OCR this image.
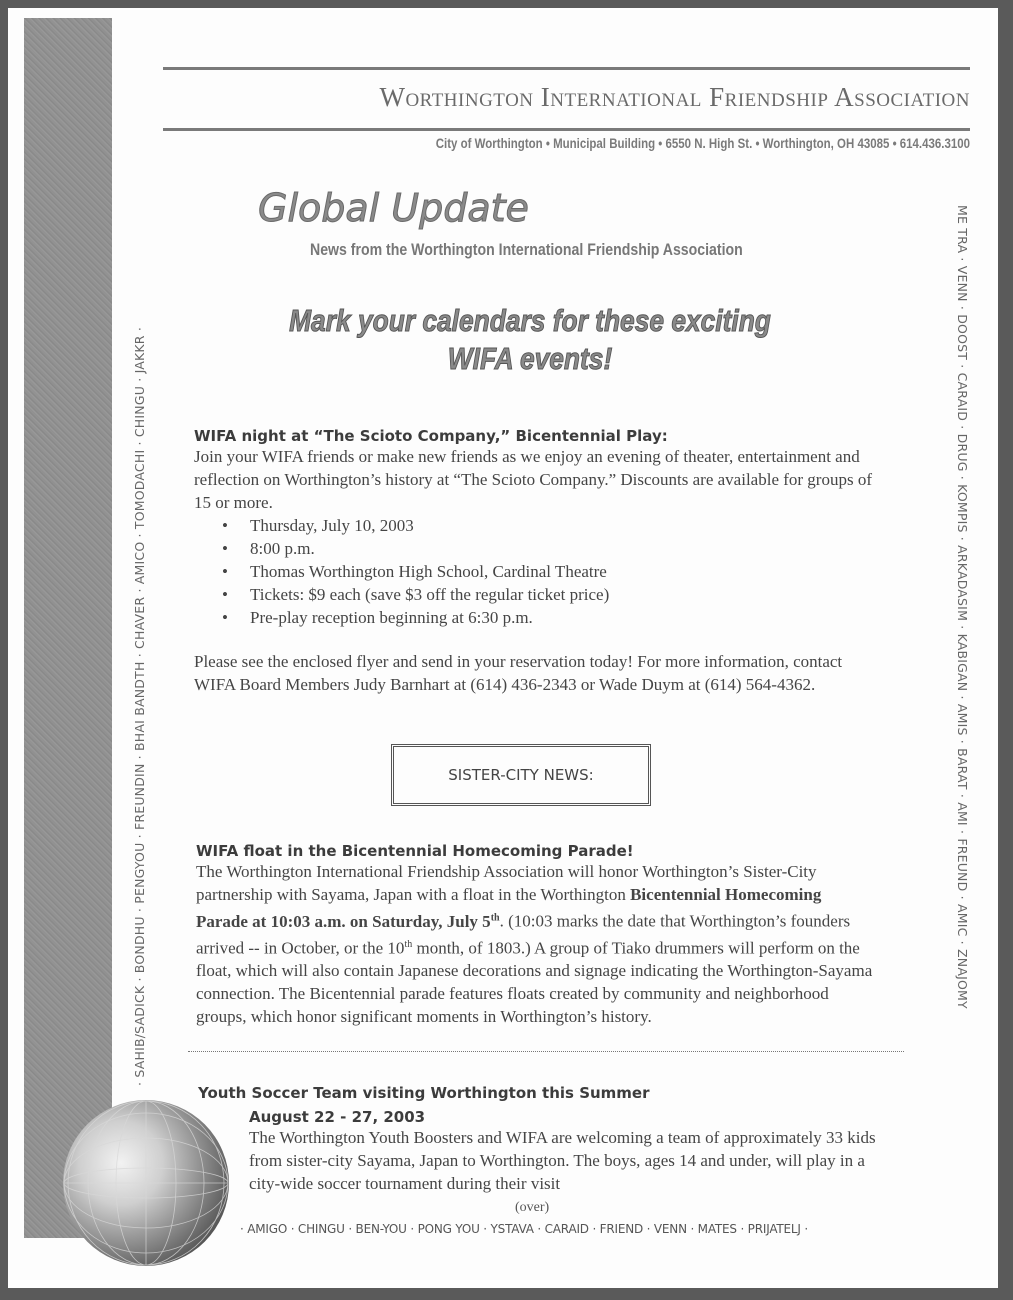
Worthington International Friendship Association
City of Worthington • Municipal Building • 6550 N. High St. • Worthington, OH 43085 • 614.436.3100
Global Update
News from the Worthington International Friendship Association
Mark your calendars for these exciting
WIFA events!
WIFA night at “The Scioto Company,” Bicentennial Play:
Join your WIFA friends or make new friends as we enjoy an evening of theater, entertainment and reflection on Worthington’s history at “The Scioto Company.” Discounts are available for groups of 15 or more.
• Thursday, July 10, 2003
• 8:00 p.m.
• Thomas Worthington High School, Cardinal Theatre
• Tickets: $9 each (save $3 off the regular ticket price)
• Pre-play reception beginning at 6:30 p.m.
Please see the enclosed flyer and send in your reservation today! For more information, contact WIFA Board Members Judy Barnhart at (614) 436-2343 or Wade Duym at (614) 564-4362.
SISTER-CITY NEWS:
WIFA float in the Bicentennial Homecoming Parade!
The Worthington International Friendship Association will honor Worthington’s Sister-City partnership with Sayama, Japan with a float in the Worthington Bicentennial Homecoming Parade at 10:03 a.m. on Saturday, July 5th. (10:03 marks the date that Worthington’s founders arrived -- in October, or the 10th month, of 1803.) A group of Tiako drummers will perform on the float, which will also contain Japanese decorations and signage indicating the Worthington-Sayama connection. The Bicentennial parade features floats created by community and neighborhood groups, which honor significant moments in Worthington’s history.
Youth Soccer Team visiting Worthington this Summer
August 22 - 27, 2003
The Worthington Youth Boosters and WIFA are welcoming a team of approximately 33 kids from sister-city Sayama, Japan to Worthington. The boys, ages 14 and under, will play in a city-wide soccer tournament during their visit
(over)
· AMIGO · CHINGU · BEN-YOU · PONG YOU · YSTAVA · CARAID · FRIEND · VENN · MATES · PRIJATELJ ·
· SAHIB/SADICK · BONDHU · PENGYOU · FREUNDIN · BHAI BANDTH · CHAVER · AMICO · TOMODACHI · CHINGU · JAKKR ·	ME TRA · VENN · DOOST · CARAID · DRUG · KOMPIS · ARKADASIM · KABIGAN · AMIS · BARAT · AMI · FREUND · AMIC · ZNAJOMY
